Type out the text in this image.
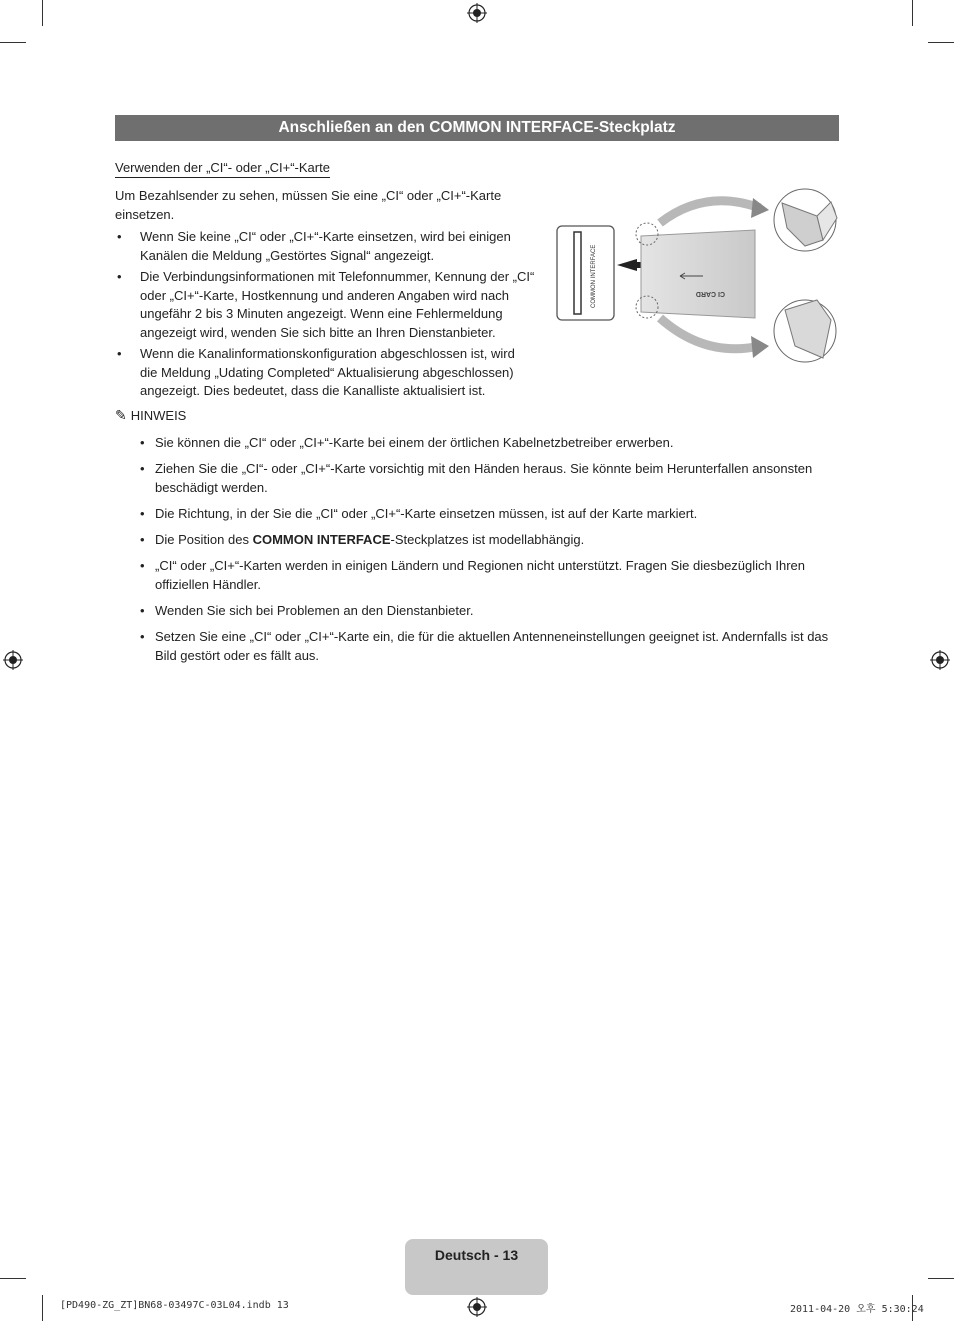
Anschließen an den COMMON INTERFACE-Steckplatz
Verwenden der „CI“- oder „CI+“-Karte
Um Bezahlsender zu sehen, müssen Sie eine „CI“ oder „CI+“-Karte einsetzen.
• Wenn Sie keine „CI“ oder „CI+“-Karte einsetzen, wird bei einigen Kanälen die Meldung „Gestörtes Signal“ angezeigt.
• Die Verbindungsinformationen mit Telefonnummer, Kennung der „CI“ oder „CI+“-Karte, Hostkennung und anderen Angaben wird nach ungefähr 2 bis 3 Minuten angezeigt. Wenn eine Fehlermeldung angezeigt wird, wenden Sie sich bitte an Ihren Dienstanbieter.
• Wenn die Kanalinformationskonfiguration abgeschlossen ist, wird die Meldung „Udating Completed“ Aktualisierung abgeschlossen) angezeigt. Dies bedeutet, dass die Kanalliste aktualisiert ist.
COMMON INTERFACE	CI CARD
✎ HINWEIS
• Sie können die „CI“ oder „CI+“-Karte bei einem der örtlichen Kabelnetzbetreiber erwerben.
• Ziehen Sie die „CI“- oder „CI+“-Karte vorsichtig mit den Händen heraus. Sie könnte beim Herunterfallen ansonsten beschädigt werden.
• Die Richtung, in der Sie die „CI“ oder „CI+“-Karte einsetzen müssen, ist auf der Karte markiert.
• Die Position des COMMON INTERFACE-Steckplatzes ist modellabhängig.
• „CI“ oder „CI+“-Karten werden in einigen Ländern und Regionen nicht unterstützt. Fragen Sie diesbezüglich Ihren offiziellen Händler.
• Wenden Sie sich bei Problemen an den Dienstanbieter.
• Setzen Sie eine „CI“ oder „CI+“-Karte ein, die für die aktuellen Antenneneinstellungen geeignet ist. Andernfalls ist das Bild gestört oder es fällt aus.
Deutsch - 13
[PD490-ZG_ZT]BN68-03497C-03L04.indb 13	2011-04-20 오후 5:30:24
